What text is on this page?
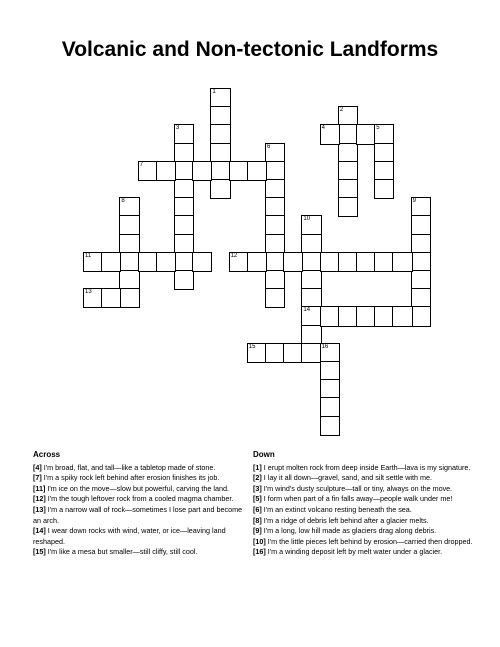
Volcanic and Non-tectonic Landforms
1
2
3	4	5
6
7
8	9
10
14
11	12
13
15	16
Across
[4] I'm broad, flat, and tall—like a tabletop made of stone.
[7] I'm a spiky rock left behind after erosion finishes its job.
[11] I'm ice on the move—slow but powerful, carving the land.
[12] I'm the tough leftover rock from a cooled magma chamber.
[13] I'm a narrow wall of rock—sometimes I lose part and become an arch.
[14] I wear down rocks with wind, water, or ice—leaving land reshaped.
[15] I'm like a mesa but smaller—still cliffy, still cool.
Down
[1] I erupt molten rock from deep inside Earth—lava is my signature.
[2] I lay it all down—gravel, sand, and silt settle with me.
[3] I'm wind's dusty sculpture—tall or tiny, always on the move.
[5] I form when part of a fin falls away—people walk under me!
[6] I'm an extinct volcano resting beneath the sea.
[8] I'm a ridge of debris left behind after a glacier melts.
[9] I'm a long, low hill made as glaciers drag along debris.
[10] I'm the little pieces left behind by erosion—carried then dropped.
[16] I'm a winding deposit left by melt water under a glacier.
